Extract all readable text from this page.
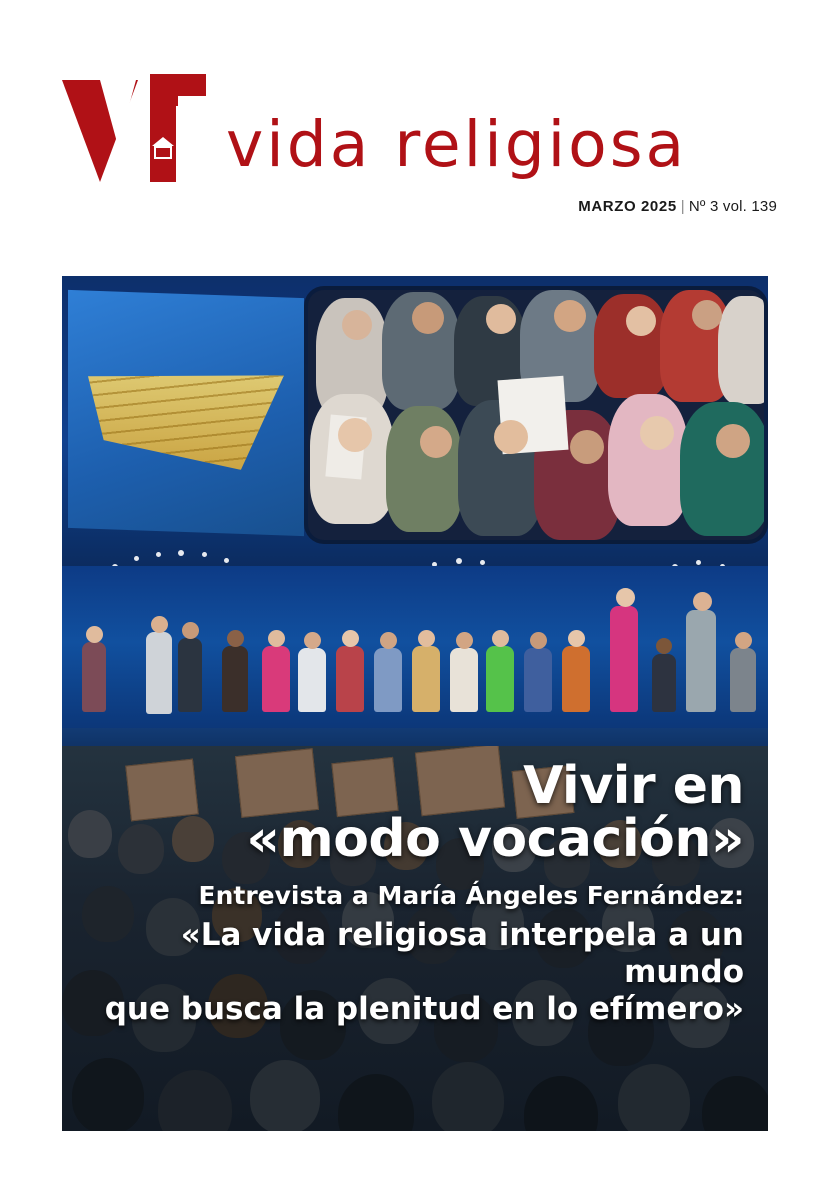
vida religiosa
MARZO 2025 | Nº 3 vol. 139
Vivir en
«modo vocación»
Entrevista a María Ángeles Fernández:
«La vida religiosa interpela a un mundo
que busca la plenitud en lo efímero»
